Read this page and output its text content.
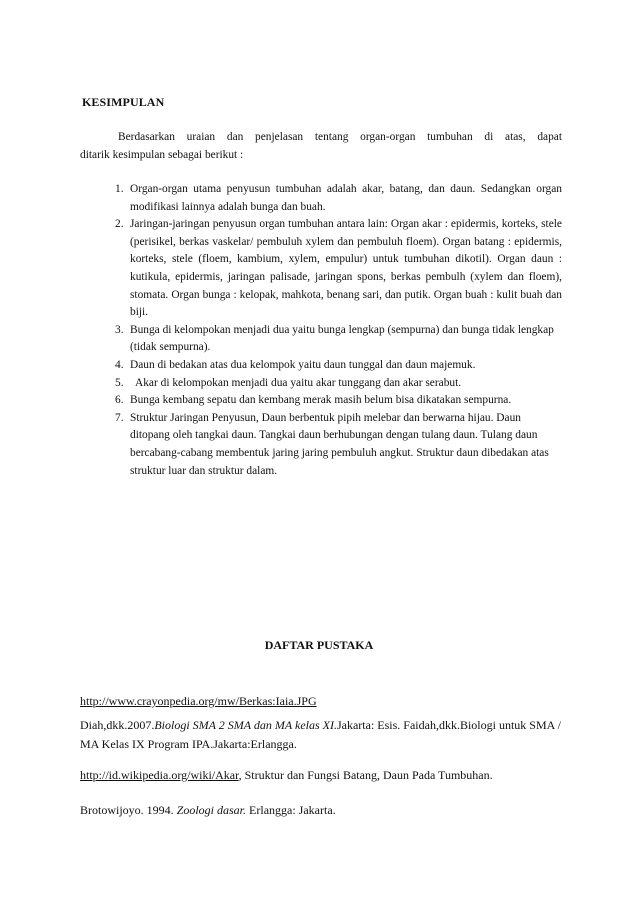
KESIMPULAN
Berdasarkan uraian dan penjelasan tentang organ-organ tumbuhan di atas, dapat
ditarik kesimpulan sebagai berikut :
1. Organ-organ utama penyusun tumbuhan adalah akar, batang, dan daun. Sedangkan organ modifikasi lainnya adalah bunga dan buah.
2. Jaringan-jaringan penyusun organ tumbuhan antara lain: Organ akar : epidermis, korteks, stele (perisikel, berkas vaskelar/ pembuluh xylem dan pembuluh floem). Organ batang : epidermis, korteks, stele (floem, kambium, xylem, empulur) untuk tumbuhan dikotil). Organ daun : kutikula, epidermis, jaringan palisade, jaringan spons, berkas pembulh (xylem dan floem), stomata. Organ bunga : kelopak, mahkota, benang sari, dan putik. Organ buah : kulit buah dan biji.
3. Bunga di kelompokan menjadi dua yaitu bunga lengkap (sempurna) dan bunga tidak lengkap (tidak sempurna).
4. Daun di bedakan atas dua kelompok yaitu daun tunggal dan daun majemuk.
5. Akar di kelompokan menjadi dua yaitu akar tunggang dan akar serabut.
6. Bunga kembang sepatu dan kembang merak masih belum bisa dikatakan sempurna.
7. Struktur Jaringan Penyusun, Daun berbentuk pipih melebar dan berwarna hijau. Daun ditopang oleh tangkai daun. Tangkai daun berhubungan dengan tulang daun. Tulang daun bercabang-cabang membentuk jaring jaring pembuluh angkut. Struktur daun dibedakan atas struktur luar dan struktur dalam.
DAFTAR PUSTAKA
http://www.crayonpedia.org/mw/Berkas:Iaia.JPG
Diah,dkk.2007.Biologi SMA 2 SMA dan MA kelas XI.Jakarta: Esis. Faidah,dkk.Biologi untuk SMA / MA Kelas IX Program IPA.Jakarta:Erlangga.
http://id.wikipedia.org/wiki/Akar, Struktur dan Fungsi Batang, Daun Pada Tumbuhan.
Brotowijoyo. 1994. Zoologi dasar. Erlangga: Jakarta.
